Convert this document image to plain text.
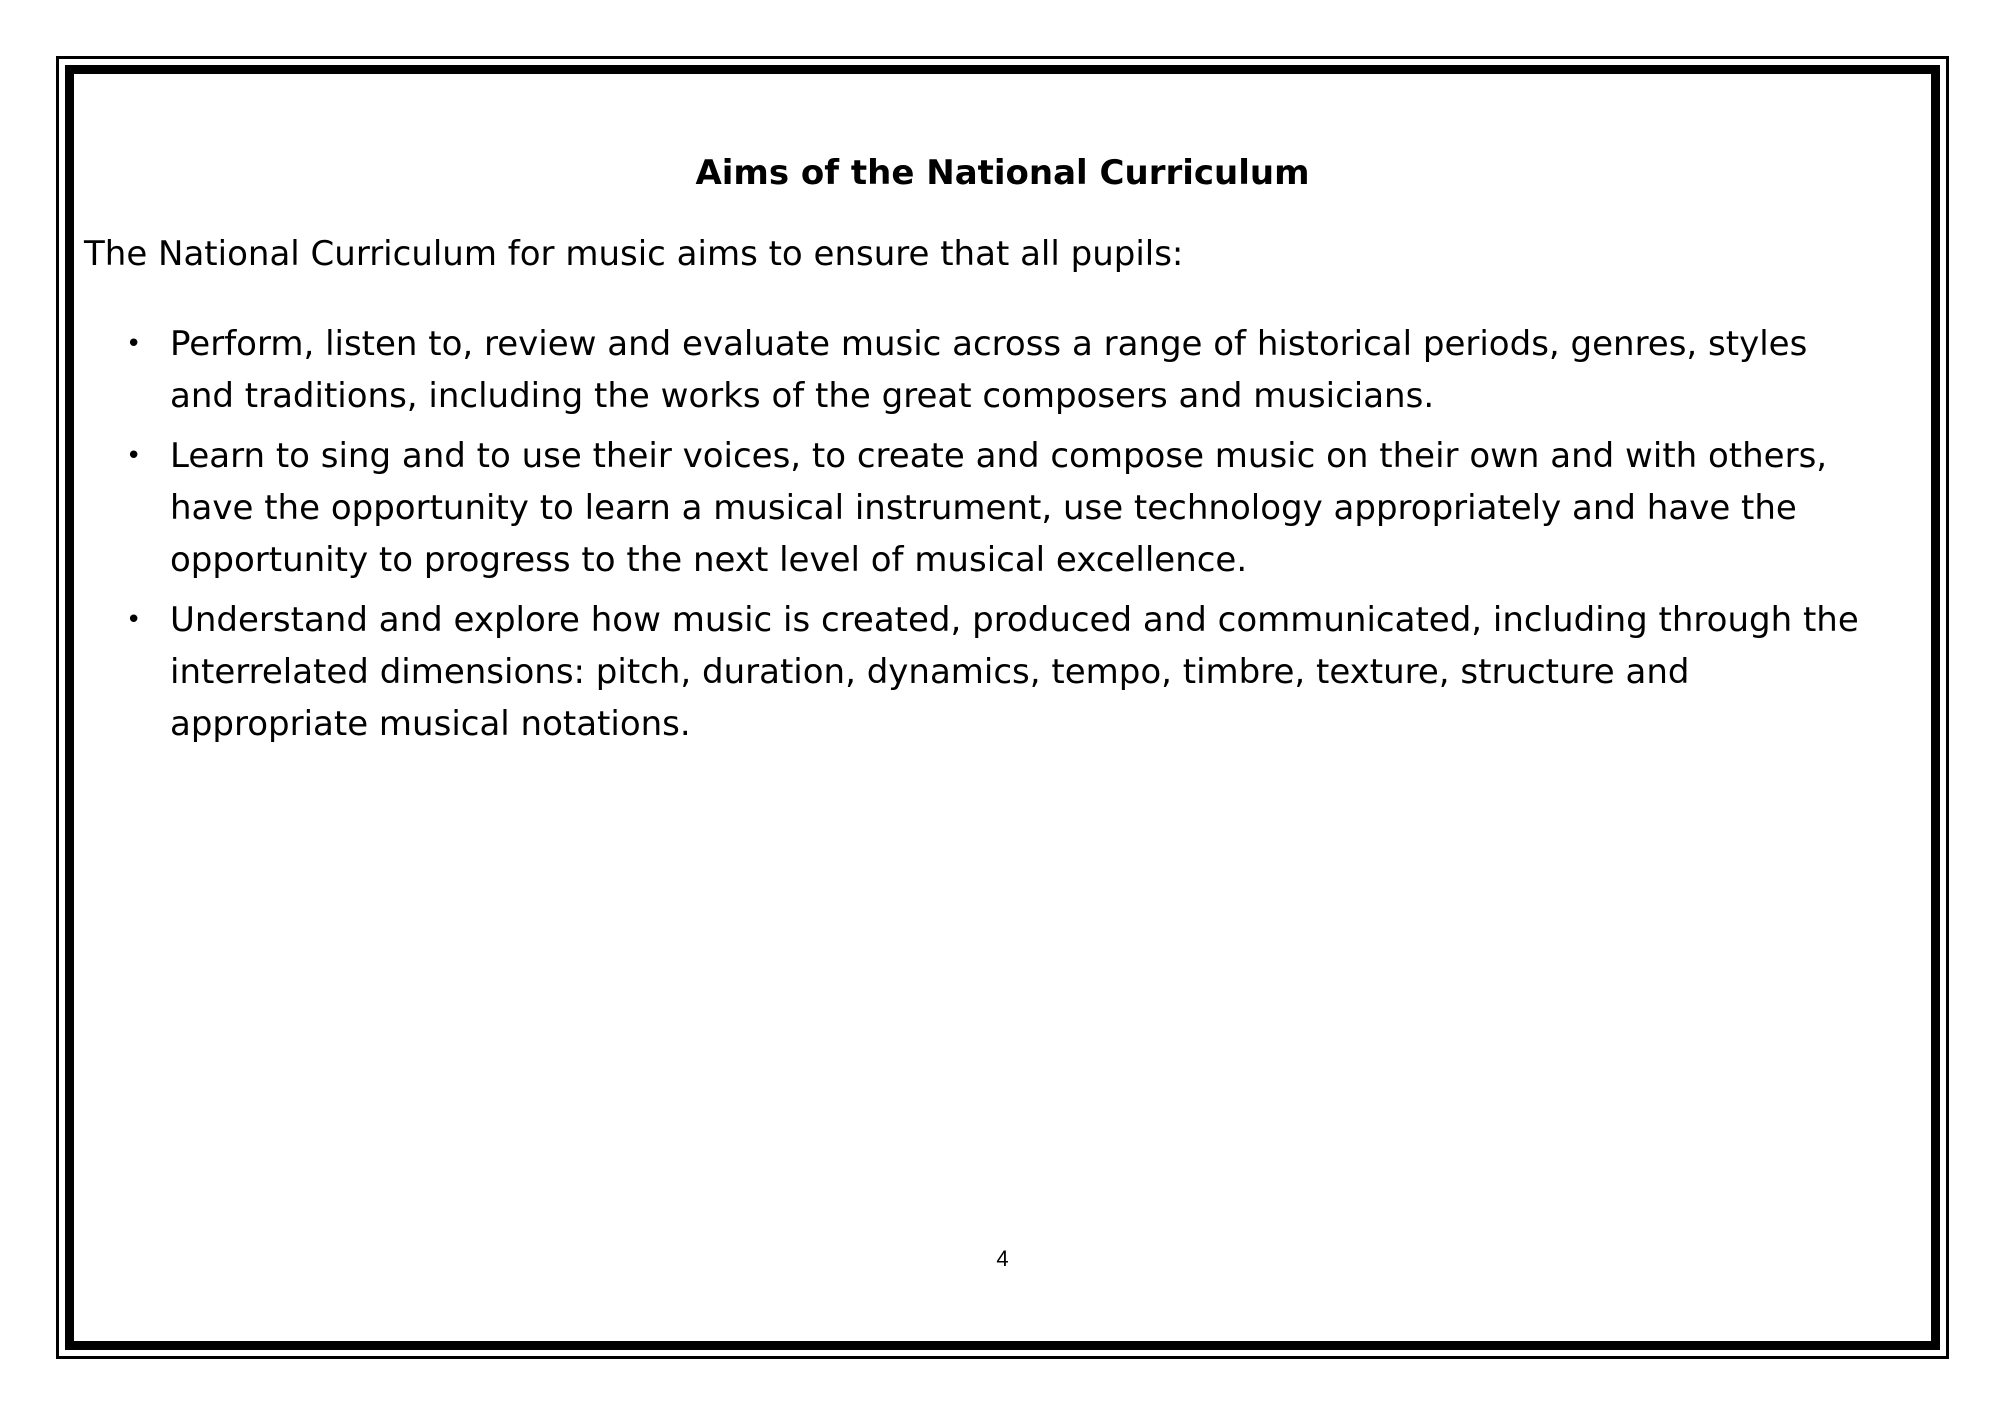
Aims of the National Curriculum

The National Curriculum for music aims to ensure that all pupils:

• Perform, listen to, review and evaluate music across a range of historical periods, genres, styles and traditions, including the works of the great composers and musicians.
• Learn to sing and to use their voices, to create and compose music on their own and with others, have the opportunity to learn a musical instrument, use technology appropriately and have the opportunity to progress to the next level of musical excellence.
• Understand and explore how music is created, produced and communicated, including through the interrelated dimensions: pitch, duration, dynamics, tempo, timbre, texture, structure and appropriate musical notations.
4
